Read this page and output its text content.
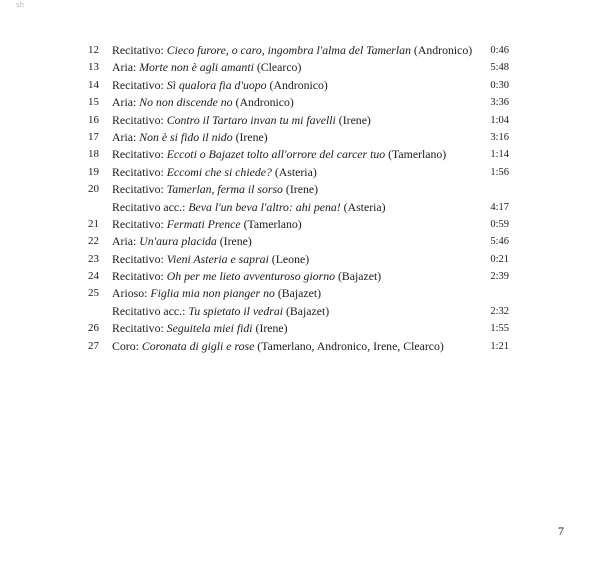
sh
12	Recitativo: Cieco furore, o caro, ingombra l'alma del Tamerlan (Andronico)	0:46
13	Aria: Morte non è agli amanti (Clearco)	5:48
14	Recitativo: Sì qualora fia d'uopo (Andronico)	0:30
15	Aria: No non discende no (Andronico)	3:36
16	Recitativo: Contro il Tartaro invan tu mi favelli (Irene)	1:04
17	Aria: Non è si fido il nido (Irene)	3:16
18	Recitativo: Eccoti o Bajazet tolto all'orrore del carcer tuo (Tamerlano)	1:14
19	Recitativo: Eccomi che si chiede? (Asteria)	1:56
20	Recitativo: Tamerlan, ferma il sorso (Irene)
Recitativo acc.: Beva l'un beva l'altro: ahi pena! (Asteria)	4:17
21	Recitativo: Fermati Prence (Tamerlano)	0:59
22	Aria: Un'aura placida (Irene)	5:46
23	Recitativo: Vieni Asteria e saprai (Leone)	0:21
24	Recitativo: Oh per me lieto avventuroso giorno (Bajazet)	2:39
25	Arioso: Figlia mia non pianger no (Bajazet)
Recitativo acc.: Tu spietato il vedrai (Bajazet)	2:32
26	Recitativo: Seguitela miei fidi (Irene)	1:55
27	Coro: Coronata di gigli e rose (Tamerlano, Andronico, Irene, Clearco)	1:21
7
